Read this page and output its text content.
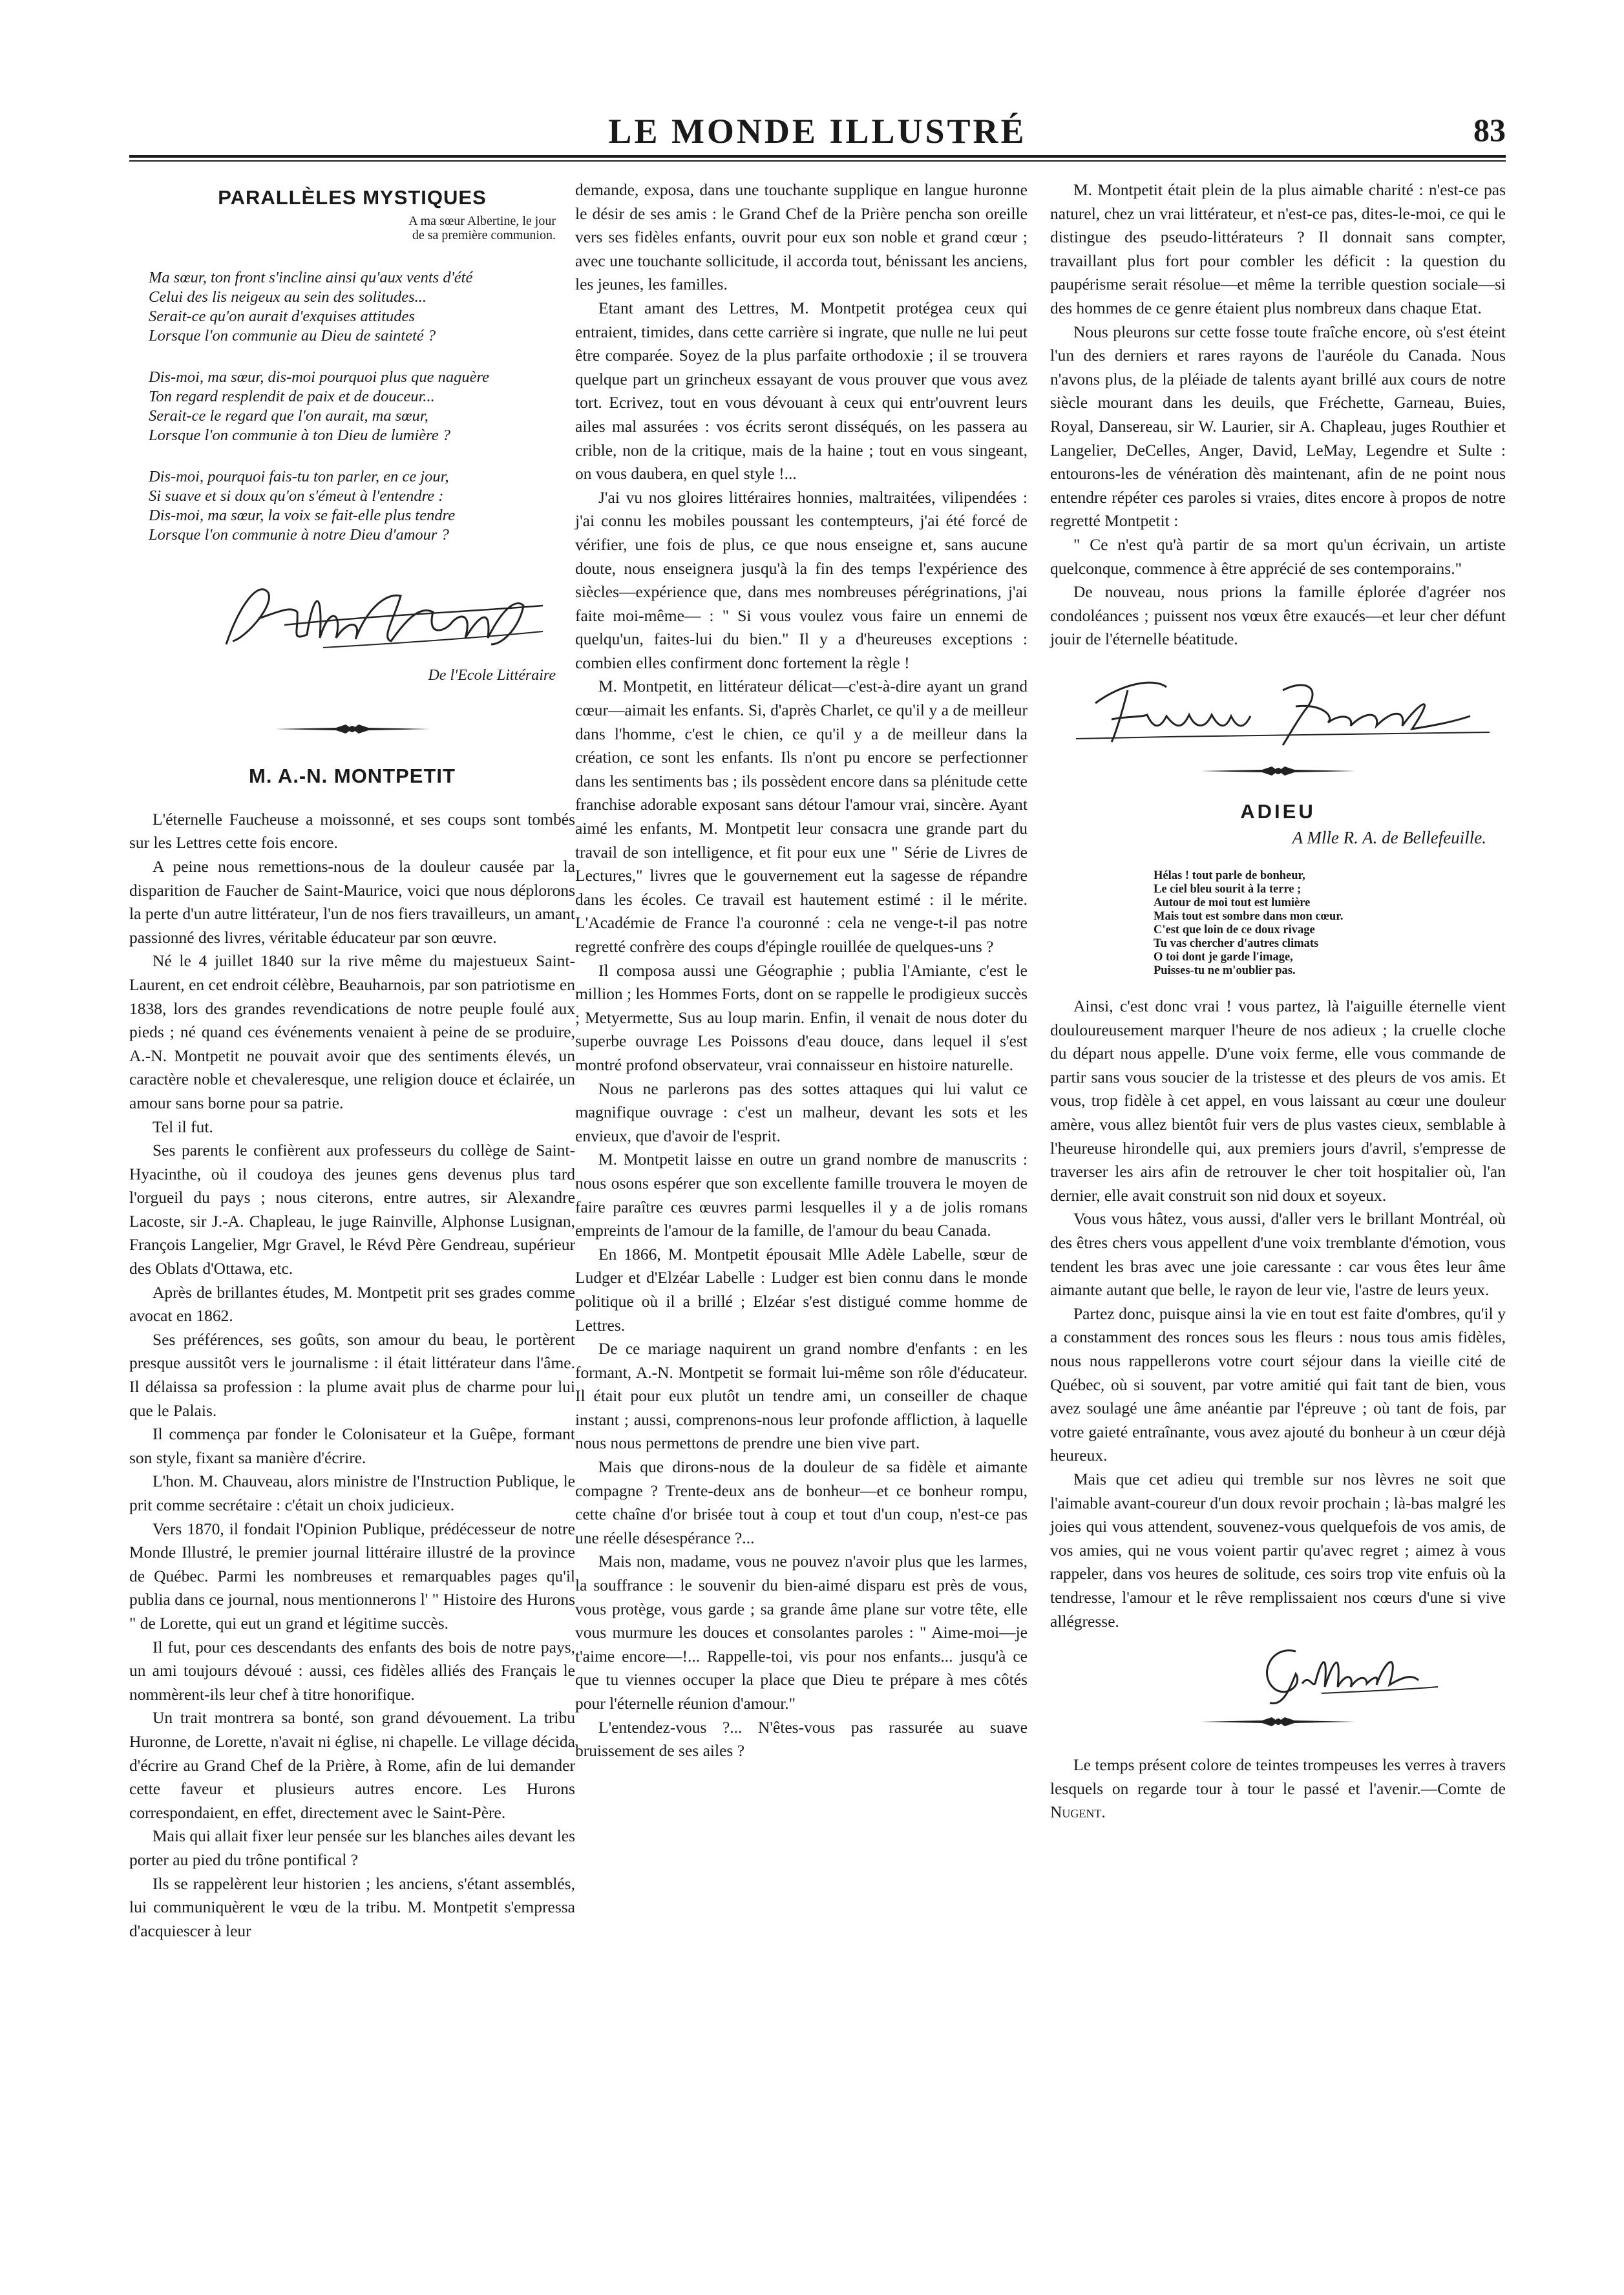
LE MONDE ILLUSTRÉ	83
PARALLÈLES MYSTIQUES
A ma sœur Albertine, le jour
de sa première communion.
Ma sœur, ton front s'incline ainsi qu'aux vents d'été
Celui des lis neigeux au sein des solitudes...
Serait-ce qu'on aurait d'exquises attitudes
Lorsque l'on communie au Dieu de sainteté ?
Dis-moi, ma sœur, dis-moi pourquoi plus que naguère
Ton regard resplendit de paix et de douceur...
Serait-ce le regard que l'on aurait, ma sœur,
Lorsque l'on communie à ton Dieu de lumière ?
Dis-moi, pourquoi fais-tu ton parler, en ce jour,
Si suave et si doux qu'on s'émeut à l'entendre :
Dis-moi, ma sœur, la voix se fait-elle plus tendre
Lorsque l'on communie à notre Dieu d'amour ?
De l'Ecole Littéraire
M. A.-N. MONTPETIT

L'éternelle Faucheuse a moissonné, et ses coups sont tombés sur les Lettres cette fois encore.

A peine nous remettions-nous de la douleur causée par la disparition de Faucher de Saint-Maurice, voici que nous déplorons la perte d'un autre littérateur, l'un de nos fiers travailleurs, un amant passionné des livres, véritable éducateur par son œuvre.

Né le 4 juillet 1840 sur la rive même du majestueux Saint-Laurent, en cet endroit célèbre, Beauharnois, par son patriotisme en 1838, lors des grandes revendications de notre peuple foulé aux pieds ; né quand ces événements venaient à peine de se produire, A.-N. Montpetit ne pouvait avoir que des sentiments élevés, un caractère noble et chevaleresque, une religion douce et éclairée, un amour sans borne pour sa patrie.

Tel il fut.

Ses parents le confièrent aux professeurs du collège de Saint-Hyacinthe, où il coudoya des jeunes gens devenus plus tard l'orgueil du pays ; nous citerons, entre autres, sir Alexandre Lacoste, sir J.-A. Chapleau, le juge Rainville, Alphonse Lusignan, François Langelier, Mgr Gravel, le Révd Père Gendreau, supérieur des Oblats d'Ottawa, etc.

Après de brillantes études, M. Montpetit prit ses grades comme avocat en 1862.

Ses préférences, ses goûts, son amour du beau, le portèrent presque aussitôt vers le journalisme : il était littérateur dans l'âme. Il délaissa sa profession : la plume avait plus de charme pour lui que le Palais.

Il commença par fonder le Colonisateur et la Guêpe, formant son style, fixant sa manière d'écrire.

L'hon. M. Chauveau, alors ministre de l'Instruction Publique, le prit comme secrétaire : c'était un choix judicieux.

Vers 1870, il fondait l'Opinion Publique, prédécesseur de notre Monde Illustré, le premier journal littéraire illustré de la province de Québec. Parmi les nombreuses et remarquables pages qu'il publia dans ce journal, nous mentionnerons l' " Histoire des Hurons " de Lorette, qui eut un grand et légitime succès.

Il fut, pour ces descendants des enfants des bois de notre pays, un ami toujours dévoué : aussi, ces fidèles alliés des Français le nommèrent-ils leur chef à titre honorifique.

Un trait montrera sa bonté, son grand dévouement. La tribu Huronne, de Lorette, n'avait ni église, ni chapelle. Le village décida d'écrire au Grand Chef de la Prière, à Rome, afin de lui demander cette faveur et plusieurs autres encore. Les Hurons correspondaient, en effet, directement avec le Saint-Père.

Mais qui allait fixer leur pensée sur les blanches ailes devant les porter au pied du trône pontifical ?

Ils se rappelèrent leur historien ; les anciens, s'étant assemblés, lui communiquèrent le vœu de la tribu. M. Montpetit s'empressa d'acquiescer à leur

demande, exposa, dans une touchante supplique en langue huronne le désir de ses amis : le Grand Chef de la Prière pencha son oreille vers ses fidèles enfants, ouvrit pour eux son noble et grand cœur ; avec une touchante sollicitude, il accorda tout, bénissant les anciens, les jeunes, les familles.

Etant amant des Lettres, M. Montpetit protégea ceux qui entraient, timides, dans cette carrière si ingrate, que nulle ne lui peut être comparée. Soyez de la plus parfaite orthodoxie ; il se trouvera quelque part un grincheux essayant de vous prouver que vous avez tort. Ecrivez, tout en vous dévouant à ceux qui entr'ouvrent leurs ailes mal assurées : vos écrits seront disséqués, on les passera au crible, non de la critique, mais de la haine ; tout en vous singeant, on vous daubera, en quel style !...

J'ai vu nos gloires littéraires honnies, maltraitées, vilipendées : j'ai connu les mobiles poussant les contempteurs, j'ai été forcé de vérifier, une fois de plus, ce que nous enseigne et, sans aucune doute, nous enseignera jusqu'à la fin des temps l'expérience des siècles—expérience que, dans mes nombreuses pérégrinations, j'ai faite moi-même— : " Si vous voulez vous faire un ennemi de quelqu'un, faites-lui du bien." Il y a d'heureuses exceptions : combien elles confirment donc fortement la règle !

M. Montpetit, en littérateur délicat—c'est-à-dire ayant un grand cœur—aimait les enfants. Si, d'après Charlet, ce qu'il y a de meilleur dans l'homme, c'est le chien, ce qu'il y a de meilleur dans la création, ce sont les enfants. Ils n'ont pu encore se perfectionner dans les sentiments bas ; ils possèdent encore dans sa plénitude cette franchise adorable exposant sans détour l'amour vrai, sincère. Ayant aimé les enfants, M. Montpetit leur consacra une grande part du travail de son intelligence, et fit pour eux une " Série de Livres de Lectures," livres que le gouvernement eut la sagesse de répandre dans les écoles. Ce travail est hautement estimé : il le mérite. L'Académie de France l'a couronné : cela ne venge-t-il pas notre regretté confrère des coups d'épingle rouillée de quelques-uns ?

Il composa aussi une Géographie ; publia l'Amiante, c'est le million ; les Hommes Forts, dont on se rappelle le prodigieux succès ; Metyermette, Sus au loup marin. Enfin, il venait de nous doter du superbe ouvrage Les Poissons d'eau douce, dans lequel il s'est montré profond observateur, vrai connaisseur en histoire naturelle.

Nous ne parlerons pas des sottes attaques qui lui valut ce magnifique ouvrage : c'est un malheur, devant les sots et les envieux, que d'avoir de l'esprit.

M. Montpetit laisse en outre un grand nombre de manuscrits : nous osons espérer que son excellente famille trouvera le moyen de faire paraître ces œuvres parmi lesquelles il y a de jolis romans empreints de l'amour de la famille, de l'amour du beau Canada.

En 1866, M. Montpetit épousait Mlle Adèle Labelle, sœur de Ludger et d'Elzéar Labelle : Ludger est bien connu dans le monde politique où il a brillé ; Elzéar s'est distigué comme homme de Lettres.

De ce mariage naquirent un grand nombre d'enfants : en les formant, A.-N. Montpetit se formait lui-même son rôle d'éducateur. Il était pour eux plutôt un tendre ami, un conseiller de chaque instant ; aussi, comprenons-nous leur profonde affliction, à laquelle nous nous permettons de prendre une bien vive part.

Mais que dirons-nous de la douleur de sa fidèle et aimante compagne ? Trente-deux ans de bonheur—et ce bonheur rompu, cette chaîne d'or brisée tout à coup et tout d'un coup, n'est-ce pas une réelle désespérance ?...

Mais non, madame, vous ne pouvez n'avoir plus que les larmes, la souffrance : le souvenir du bien-aimé disparu est près de vous, vous protège, vous garde ; sa grande âme plane sur votre tête, elle vous murmure les douces et consolantes paroles : " Aime-moi—je t'aime encore—!... Rappelle-toi, vis pour nos enfants... jusqu'à ce que tu viennes occuper la place que Dieu te prépare à mes côtés pour l'éternelle réunion d'amour."

L'entendez-vous ?... N'êtes-vous pas rassurée au suave bruissement de ses ailes ?

M. Montpetit était plein de la plus aimable charité : n'est-ce pas naturel, chez un vrai littérateur, et n'est-ce pas, dites-le-moi, ce qui le distingue des pseudo-littérateurs ? Il donnait sans compter, travaillant plus fort pour combler les déficit : la question du paupérisme serait résolue—et même la terrible question sociale—si des hommes de ce genre étaient plus nombreux dans chaque Etat.

Nous pleurons sur cette fosse toute fraîche encore, où s'est éteint l'un des derniers et rares rayons de l'auréole du Canada. Nous n'avons plus, de la pléiade de talents ayant brillé aux cours de notre siècle mourant dans les deuils, que Fréchette, Garneau, Buies, Royal, Dansereau, sir W. Laurier, sir A. Chapleau, juges Routhier et Langelier, DeCelles, Anger, David, LeMay, Legendre et Sulte : entourons-les de vénération dès maintenant, afin de ne point nous entendre répéter ces paroles si vraies, dites encore à propos de notre regretté Montpetit :

" Ce n'est qu'à partir de sa mort qu'un écrivain, un artiste quelconque, commence à être apprécié de ses contemporains."

De nouveau, nous prions la famille éplorée d'agréer nos condoléances ; puissent nos vœux être exaucés—et leur cher défunt jouir de l'éternelle béatitude.

ADIEU
A Mlle R. A. de Bellefeuille.
Hélas ! tout parle de bonheur,
Le ciel bleu sourit à la terre ;
Autour de moi tout est lumière
Mais tout est sombre dans mon cœur.
C'est que loin de ce doux rivage
Tu vas chercher d'autres climats
O toi dont je garde l'image,
Puisses-tu ne m'oublier pas.

Ainsi, c'est donc vrai ! vous partez, là l'aiguille éternelle vient douloureusement marquer l'heure de nos adieux ; la cruelle cloche du départ nous appelle. D'une voix ferme, elle vous commande de partir sans vous soucier de la tristesse et des pleurs de vos amis. Et vous, trop fidèle à cet appel, en vous laissant au cœur une douleur amère, vous allez bientôt fuir vers de plus vastes cieux, semblable à l'heureuse hirondelle qui, aux premiers jours d'avril, s'empresse de traverser les airs afin de retrouver le cher toit hospitalier où, l'an dernier, elle avait construit son nid doux et soyeux.

Vous vous hâtez, vous aussi, d'aller vers le brillant Montréal, où des êtres chers vous appellent d'une voix tremblante d'émotion, vous tendent les bras avec une joie caressante : car vous êtes leur âme aimante autant que belle, le rayon de leur vie, l'astre de leurs yeux.

Partez donc, puisque ainsi la vie en tout est faite d'ombres, qu'il y a constamment des ronces sous les fleurs : nous tous amis fidèles, nous nous rappellerons votre court séjour dans la vieille cité de Québec, où si souvent, par votre amitié qui fait tant de bien, vous avez soulagé une âme anéantie par l'épreuve ; où tant de fois, par votre gaieté entraînante, vous avez ajouté du bonheur à un cœur déjà heureux.

Mais que cet adieu qui tremble sur nos lèvres ne soit que l'aimable avant-coureur d'un doux revoir prochain ; là-bas malgré les joies qui vous attendent, souvenez-vous quelquefois de vos amis, de vos amies, qui ne vous voient partir qu'avec regret ; aimez à vous rappeler, dans vos heures de solitude, ces soirs trop vite enfuis où la tendresse, l'amour et le rêve remplissaient nos cœurs d'une si vive allégresse.

Le temps présent colore de teintes trompeuses les verres à travers lesquels on regarde tour à tour le passé et l'avenir.—Comte de Nugent.
